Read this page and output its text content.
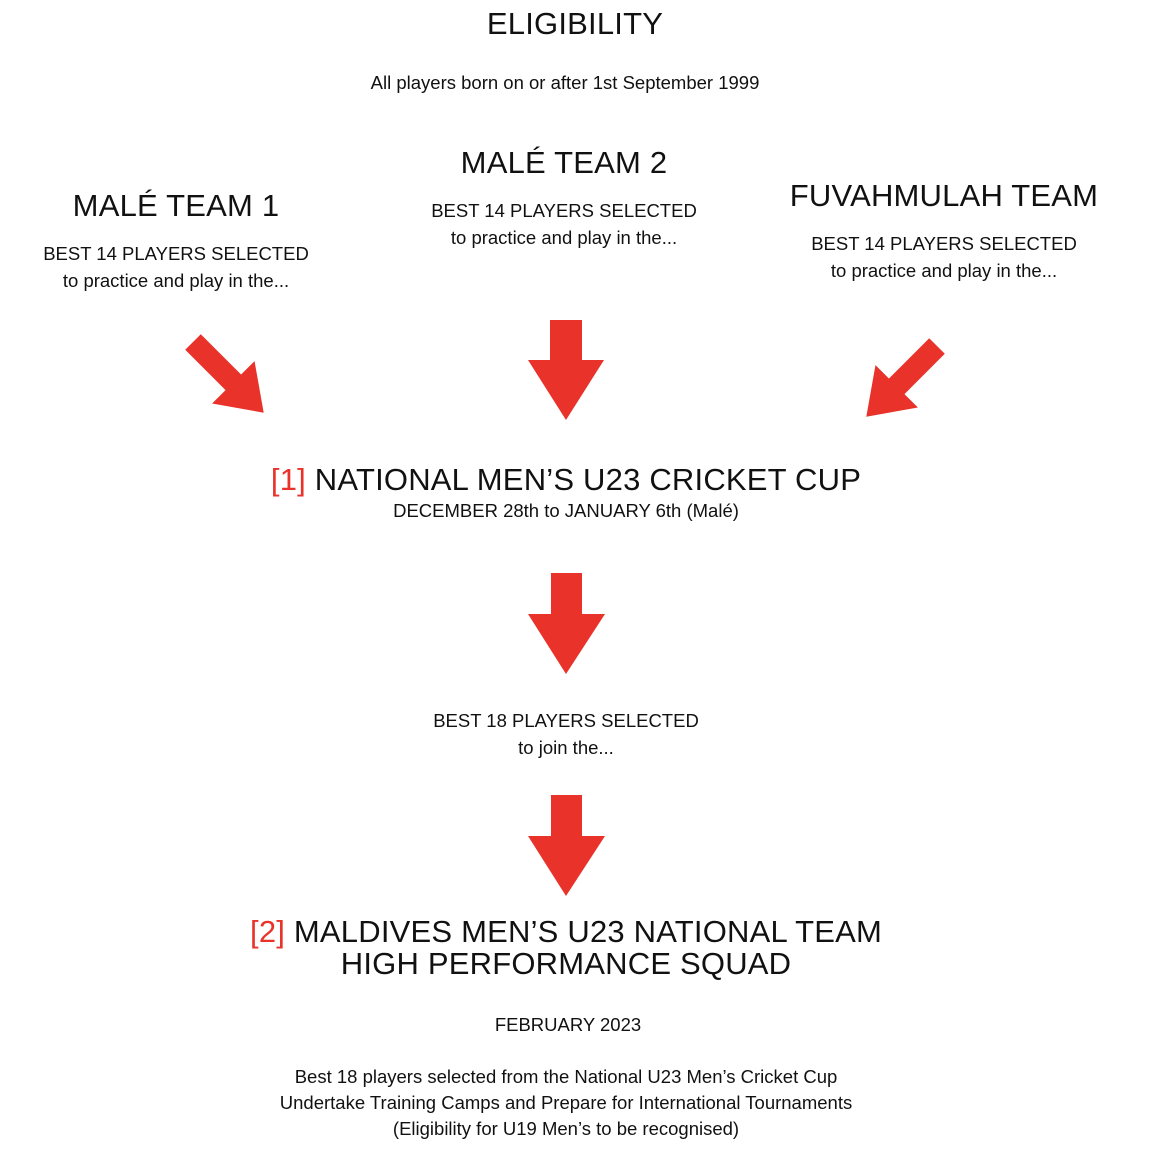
ELIGIBILITY
All players born on or after 1st September 1999
MALÉ TEAM 1
BEST 14 PLAYERS SELECTED
to practice and play in the...
MALÉ TEAM 2
BEST 14 PLAYERS SELECTED
to practice and play in the...
FUVAHMULAH TEAM
BEST 14 PLAYERS SELECTED
to practice and play in the...
[1] NATIONAL MEN’S U23 CRICKET CUP
DECEMBER 28th to JANUARY 6th (Malé)
BEST 18 PLAYERS SELECTED
to join the...
[2] MALDIVES MEN’S U23 NATIONAL TEAM
HIGH PERFORMANCE SQUAD
FEBRUARY 2023
Best 18 players selected from the National U23 Men’s Cricket Cup
Undertake Training Camps and Prepare for International Tournaments
(Eligibility for U19 Men’s to be recognised)
